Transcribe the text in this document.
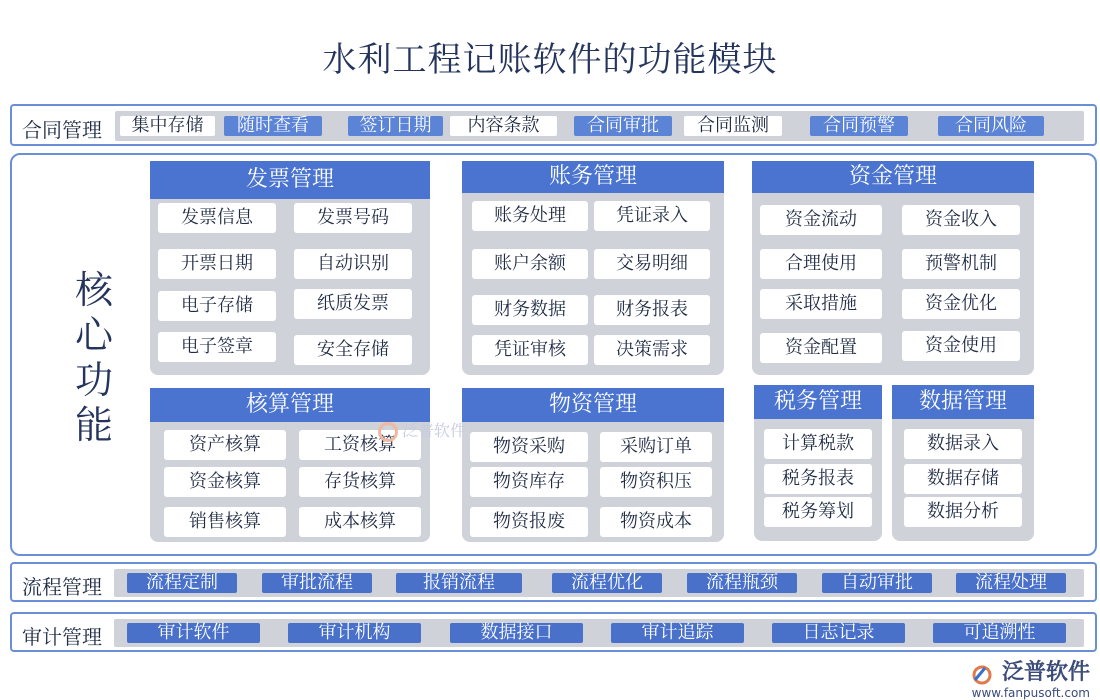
水利工程记账软件的功能模块
合同管理	集中存储	随时查看	签订日期	内容条款	合同审批	合同监测	合同预警	合同风险
核
心
功
能
发票管理
发票信息	发票号码
开票日期	自动识别
电子存储	纸质发票
电子签章	安全存储
账务管理
账务处理	凭证录入
账户余额	交易明细
财务数据	财务报表
凭证审核	决策需求
资金管理
资金流动	资金收入
合理使用	预警机制
采取措施	资金优化
资金配置	资金使用
核算管理
资产核算	工资核算
资金核算	存货核算
销售核算	成本核算
物资管理
物资采购	采购订单
物资库存	物资积压
物资报废	物资成本
税务管理
计算税款
税务报表
税务筹划
数据管理
数据录入
数据存储
数据分析
泛普软件
流程管理	流程定制	审批流程	报销流程	流程优化	流程瓶颈	自动审批	流程处理
审计管理	审计软件	审计机构	数据接口	审计追踪	日志记录	可追溯性
泛普软件
www.fanpusoft.com
